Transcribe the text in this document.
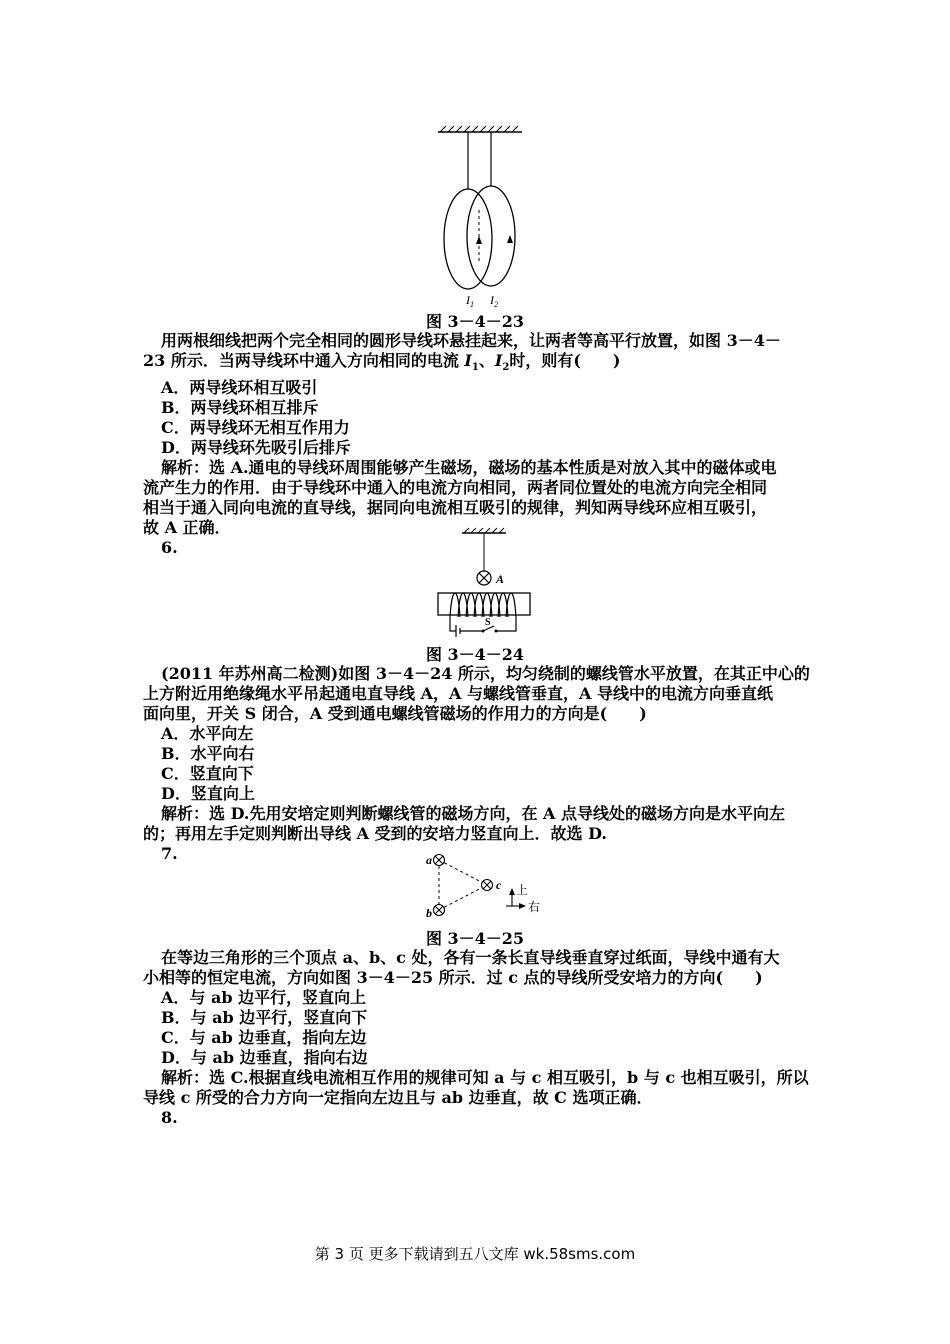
$I_1$ $I_2$
图 3－4－23

用两根细线把两个完全相同的圆形导线环悬挂起来，让两者等高平行放置，如图 3－4－

23 所示．当两导线环中通入方向相同的电流 $I_1$、$I_2$时，则有(　　)

A．两导线环相互吸引

B．两导线环相互排斥

C．两导线环无相互作用力

D．两导线环先吸引后排斥

解析：选 A.通电的导线环周围能够产生磁场，磁场的基本性质是对放入其中的磁体或电

流产生力的作用．由于导线环中通入的电流方向相同，两者同位置处的电流方向完全相同

相当于通入同向电流的直导线，据同向电流相互吸引的规律，判知两导线环应相互吸引，

故 A 正确．

6.

A
S
图 3－4－24

(2011 年苏州高二检测)如图 3－4－24 所示，均匀绕制的螺线管水平放置，在其正中心的

上方附近用绝缘绳水平吊起通电直导线 A，A 与螺线管垂直，A 导线中的电流方向垂直纸

面向里，开关 S 闭合，A 受到通电螺线管磁场的作用力的方向是(　　)

A．水平向左

B．水平向右

C．竖直向下

D．竖直向上

解析：选 D.先用安培定则判断螺线管的磁场方向，在 A 点导线处的磁场方向是水平向左

的；再用左手定则判断出导线 A 受到的安培力竖直向上．故选 D.

7.	a
b
c 上
右
图 3－4－25

在等边三角形的三个顶点 a、b、c 处，各有一条长直导线垂直穿过纸面，导线中通有大

小相等的恒定电流，方向如图 3－4－25 所示．过 c 点的导线所受安培力的方向(　　)

A．与 ab 边平行，竖直向上

B．与 ab 边平行，竖直向下

C．与 ab 边垂直，指向左边

D．与 ab 边垂直，指向右边

解析：选 C.根据直线电流相互作用的规律可知 a 与 c 相互吸引，b 与 c 也相互吸引，所以

导线 c 所受的合力方向一定指向左边且与 ab 边垂直，故 C 选项正确．

8.

第 3 页 更多下载请到五八文库 wk.58sms.com
